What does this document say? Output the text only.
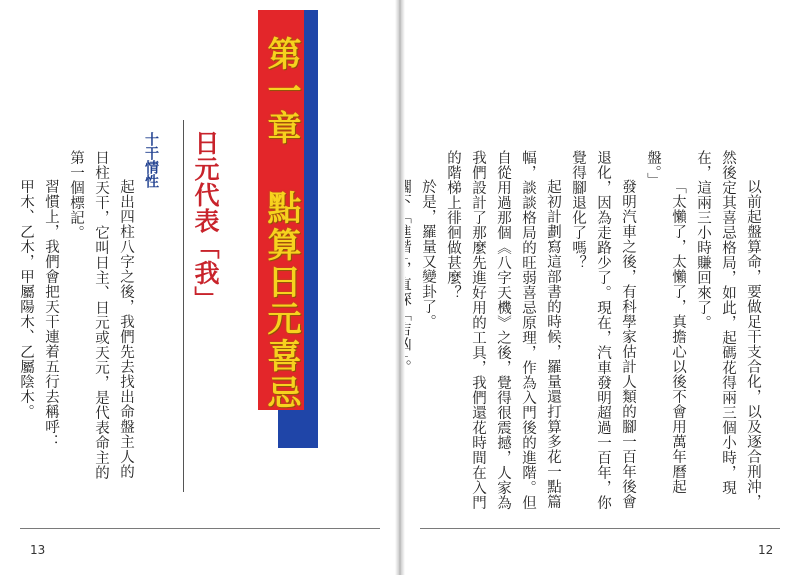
第一章 點算日元喜忌
日元代表「我」
十干情性

起出四柱八字之後，我們先去找出命盤主人的日柱天干，它叫日主、日元或天元，是代表命主的第一個標記。

習慣上，我們會把天干連着五行去稱呼：

甲木、乙木，甲屬陽木、乙屬陰木。

13	12

以前起盤算命，要做足干支合化，以及逐合刑沖，然後定其喜忌格局，如此，起碼花得兩三個小時，現在，這兩三小時賺回來了。

「太懶了，太懶了，真擔心以後不會用萬年曆起盤。」

發明汽車之後，有科學家估計人類的腳一百年後會退化，因為走路少了。現在，汽車發明超過一百年，你覺得腳退化了嗎？

起初計劃寫這部書的時候，羅量還打算多花一點篇幅，談談格局的旺弱喜忌原理，作為入門後的進階。但自從用過那個《八字天機》之後，覺得很震撼，人家為我們設計了那麼先進好用的工具，我們還花時間在入門的階梯上徘徊做甚麼？

於是，羅量又變卦了。
